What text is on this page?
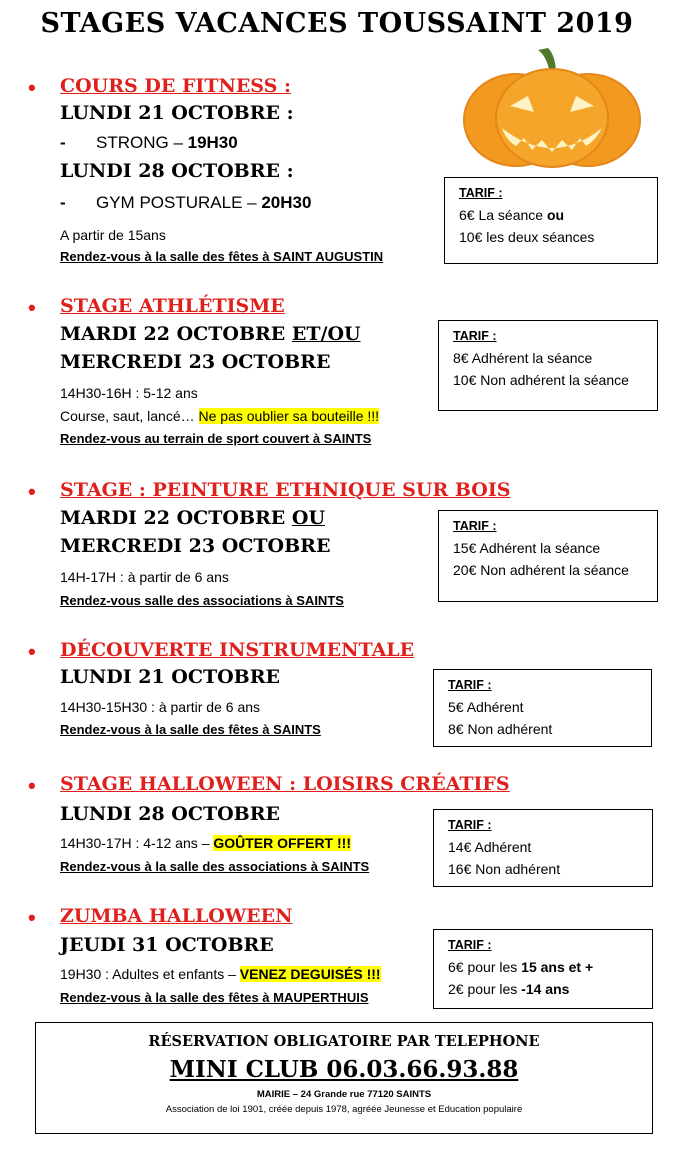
STAGES VACANCES TOUSSAINT 2019
• COURS DE FITNESS :
LUNDI 21 OCTOBRE :
- STRONG – 19H30
LUNDI 28 OCTOBRE :
- GYM POSTURALE – 20H30
A partir de 15ans
Rendez-vous à la salle des fêtes à SAINT AUGUSTIN
TARIF :
6€ La séance ou
10€ les deux séances
• STAGE ATHLÉTISME
MARDI 22 OCTOBRE ET/OU
MERCREDI 23 OCTOBRE
14H30-16H : 5-12 ans
Course, saut, lancé… Ne pas oublier sa bouteille !!!
Rendez-vous au terrain de sport couvert à SAINTS
TARIF :
8€ Adhérent la séance
10€ Non adhérent la séance
• STAGE : PEINTURE ETHNIQUE SUR BOIS
MARDI 22 OCTOBRE OU
MERCREDI 23 OCTOBRE
14H-17H : à partir de 6 ans
Rendez-vous salle des associations à SAINTS
TARIF :
15€ Adhérent la séance
20€ Non adhérent la séance
• DÉCOUVERTE INSTRUMENTALE
LUNDI 21 OCTOBRE
14H30-15H30 : à partir de 6 ans
Rendez-vous à la salle des fêtes à SAINTS
TARIF :
5€ Adhérent
8€ Non adhérent
• STAGE HALLOWEEN : LOISIRS CRÉATIFS
LUNDI 28 OCTOBRE
14H30-17H : 4-12 ans – GOÛTER OFFERT !!!
Rendez-vous à la salle des associations à SAINTS
TARIF :
14€ Adhérent
16€ Non adhérent
• ZUMBA HALLOWEEN
JEUDI 31 OCTOBRE
19H30 : Adultes et enfants – VENEZ DEGUISÉS !!!
Rendez-vous à la salle des fêtes à MAUPERTHUIS
TARIF :
6€ pour les 15 ans et +
2€ pour les -14 ans
RÉSERVATION OBLIGATOIRE PAR TELEPHONE
MINI CLUB 06.03.66.93.88
MAIRIE – 24 Grande rue 77120 SAINTS
Association de loi 1901, créée depuis 1978, agréée Jeunesse et Education populaire
